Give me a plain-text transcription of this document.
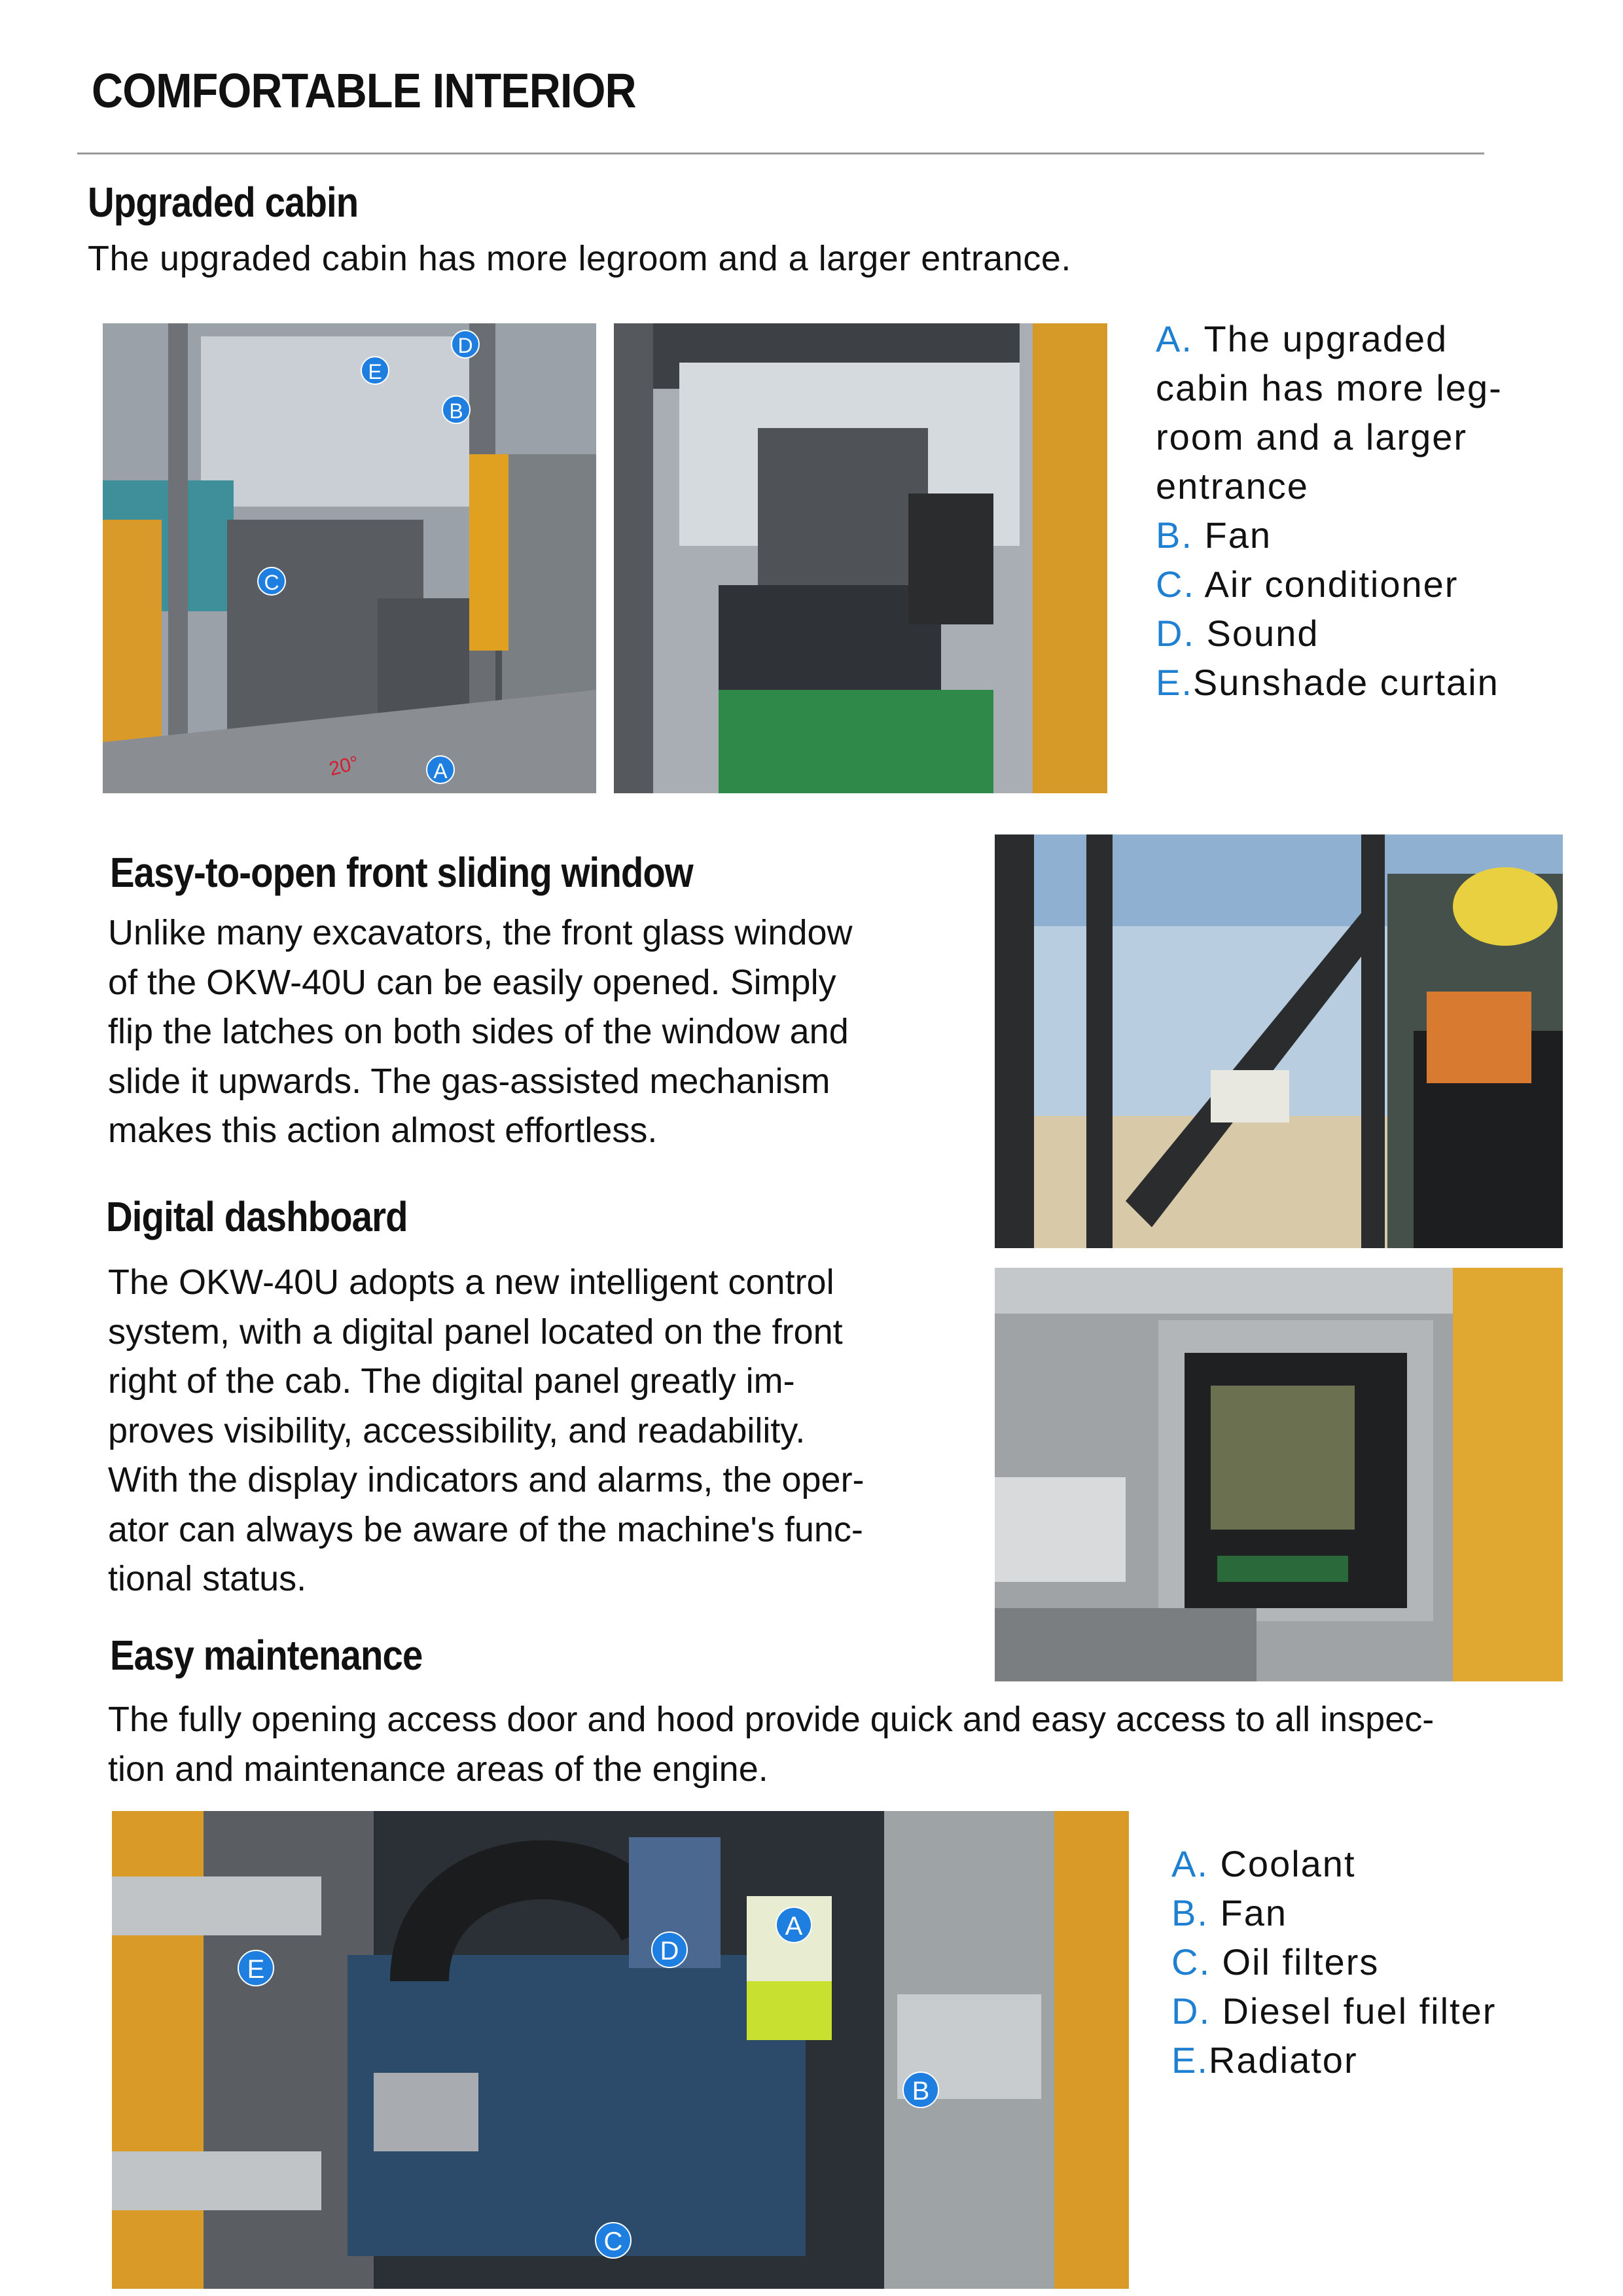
COMFORTABLE INTERIOR
Upgraded cabin
The upgraded cabin has more legroom and a larger entrance.
E
D
B
C
A
20°
A. The upgraded
cabin has more leg-
room and a larger
entrance
B. Fan
C. Air conditioner
D. Sound
E.Sunshade curtain
Easy-to-open front sliding window
Unlike many excavators, the front glass window
of the OKW-40U can be easily opened. Simply
flip the latches on both sides of the window and
slide it upwards. The gas-assisted mechanism
makes this action almost effortless.
Digital dashboard
The OKW-40U adopts a new intelligent control
system, with a digital panel located on the front
right of the cab. The digital panel greatly im-
proves visibility, accessibility, and readability.
With the display indicators and alarms, the oper-
ator can always be aware of the machine's func-
tional status.
Easy maintenance
The fully opening access door and hood provide quick and easy access to all inspec-
tion and maintenance areas of the engine.
A
B
C
D
E
A. Coolant
B. Fan
C. Oil filters
D. Diesel fuel filter
E.Radiator
